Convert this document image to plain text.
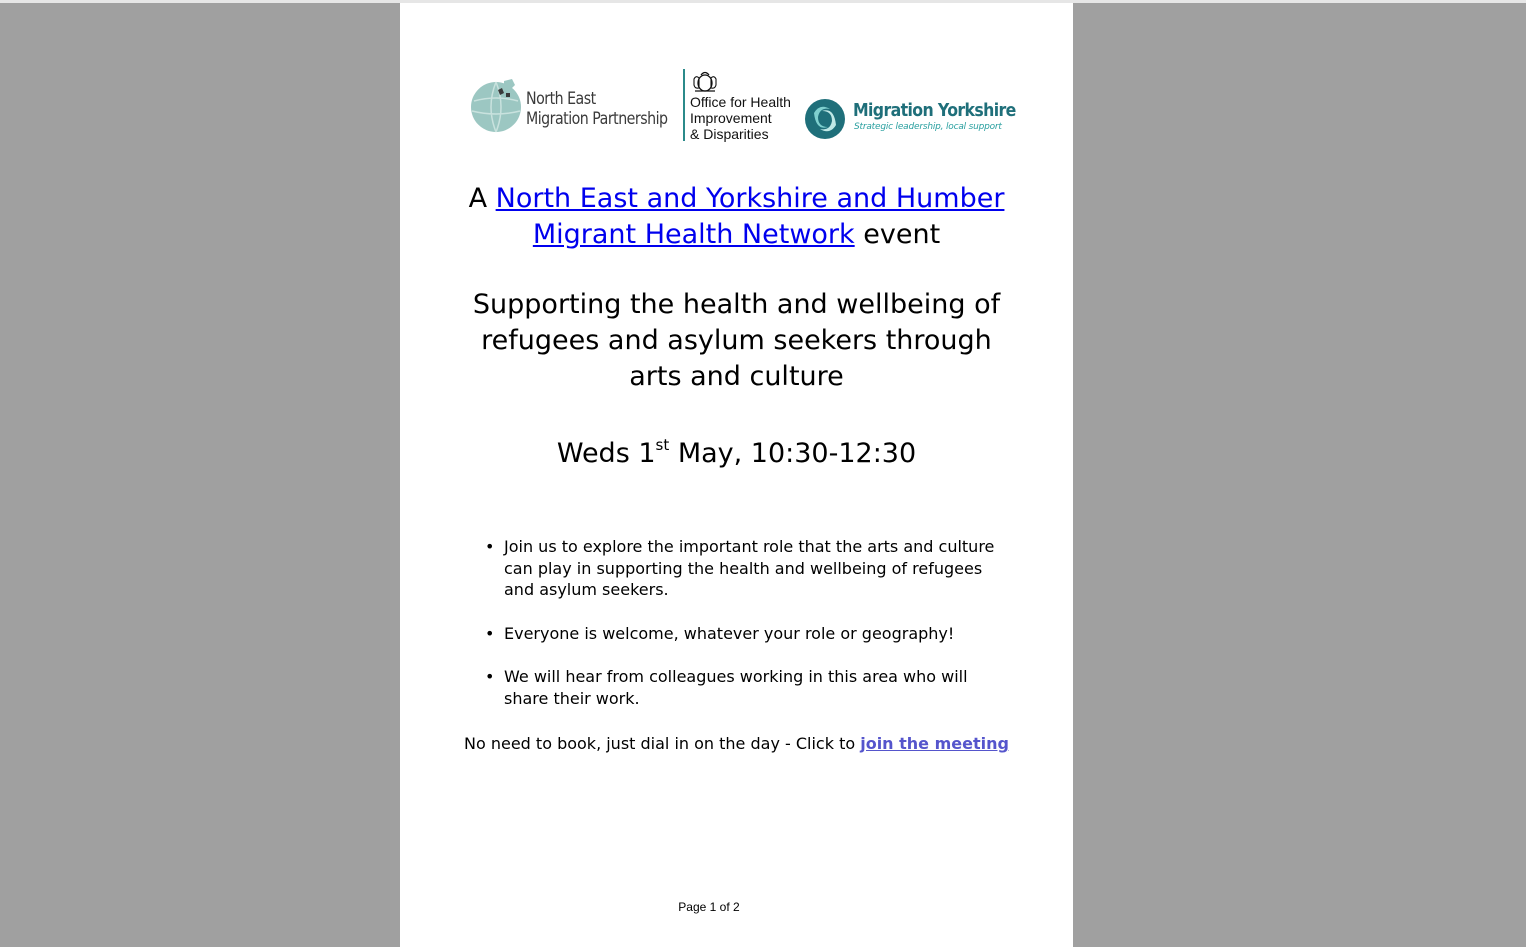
North East
Migration Partnership
Office for Health
Improvement
& Disparities
Migration Yorkshire
Strategic leadership, local support
A North East and Yorkshire and Humber
Migrant Health Network event
Supporting the health and wellbeing of
refugees and asylum seekers through
arts and culture
Weds 1st May, 10:30-12:30
• Join us to explore the important role that the arts and culture
can play in supporting the health and wellbeing of refugees
and asylum seekers.
• Everyone is welcome, whatever your role or geography!
• We will hear from colleagues working in this area who will
share their work.
No need to book, just dial in on the day - Click to join the meeting
Page 1 of 2
